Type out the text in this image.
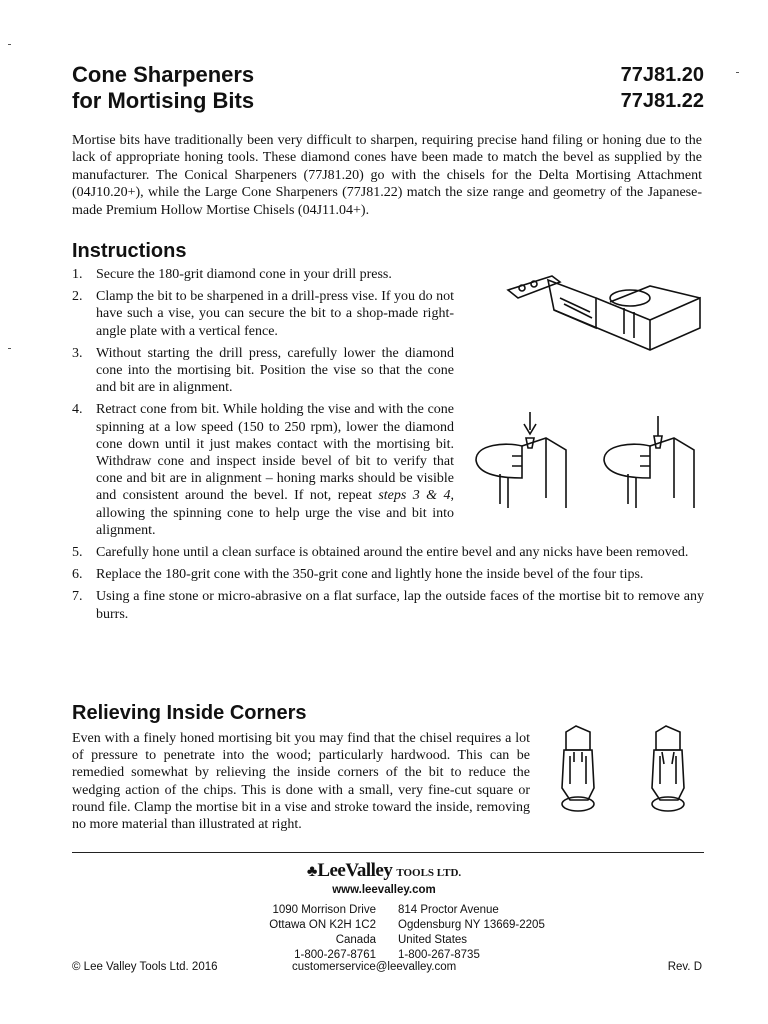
Cone Sharpeners
for Mortising Bits
77J81.20
77J81.22

Mortise bits have traditionally been very difficult to sharpen, requiring precise hand filing or honing due to the lack of appropriate honing tools. These diamond cones have been made to match the bevel as supplied by the manufacturer. The Conical Sharpeners (77J81.20) go with the chisels for the Delta Mortising Attachment (04J10.20+), while the Large Cone Sharpeners (77J81.22) match the size range and geometry of the Japanese-made Premium Hollow Mortise Chisels (04J11.04+).

Instructions
1. Secure the 180-grit diamond cone in your drill press.
2. Clamp the bit to be sharpened in a drill-press vise. If you do not have such a vise, you can secure the bit to a shop-made right-angle plate with a vertical fence.
3. Without starting the drill press, carefully lower the diamond cone into the mortising bit. Position the vise so that the cone and bit are in alignment.
4. Retract cone from bit. While holding the vise and with the cone spinning at a low speed (150 to 250 rpm), lower the diamond cone down until it just makes contact with the mortising bit. Withdraw cone and inspect inside bevel of bit to verify that cone and bit are in alignment – honing marks should be visible and consistent around the bevel. If not, repeat steps 3 & 4, allowing the spinning cone to help urge the vise and bit into alignment.
5. Carefully hone until a clean surface is obtained around the entire bevel and any nicks have been removed.
6. Replace the 180-grit cone with the 350-grit cone and lightly hone the inside bevel of the four tips.
7. Using a fine stone or micro-abrasive on a flat surface, lap the outside faces of the mortise bit to remove any burrs.
Relieving Inside Corners

Even with a finely honed mortising bit you may find that the chisel requires a lot of pressure to penetrate into the wood; particularly hardwood. This can be remedied somewhat by relieving the inside corners of the bit to reduce the wedging action of the chips. This is done with a small, very fine-cut square or round file. Clamp the mortise bit in a vise and stroke toward the inside, removing no more material than illustrated at right.

♣LeeValley TOOLS LTD.
www.leevalley.com
1090 Morrison Drive
Ottawa ON K2H 1C2
Canada
1-800-267-8761
814 Proctor Avenue
Ogdensburg NY 13669-2205
United States
1-800-267-8735
© Lee Valley Tools Ltd. 2016	customerservice@leevalley.com	Rev. D
